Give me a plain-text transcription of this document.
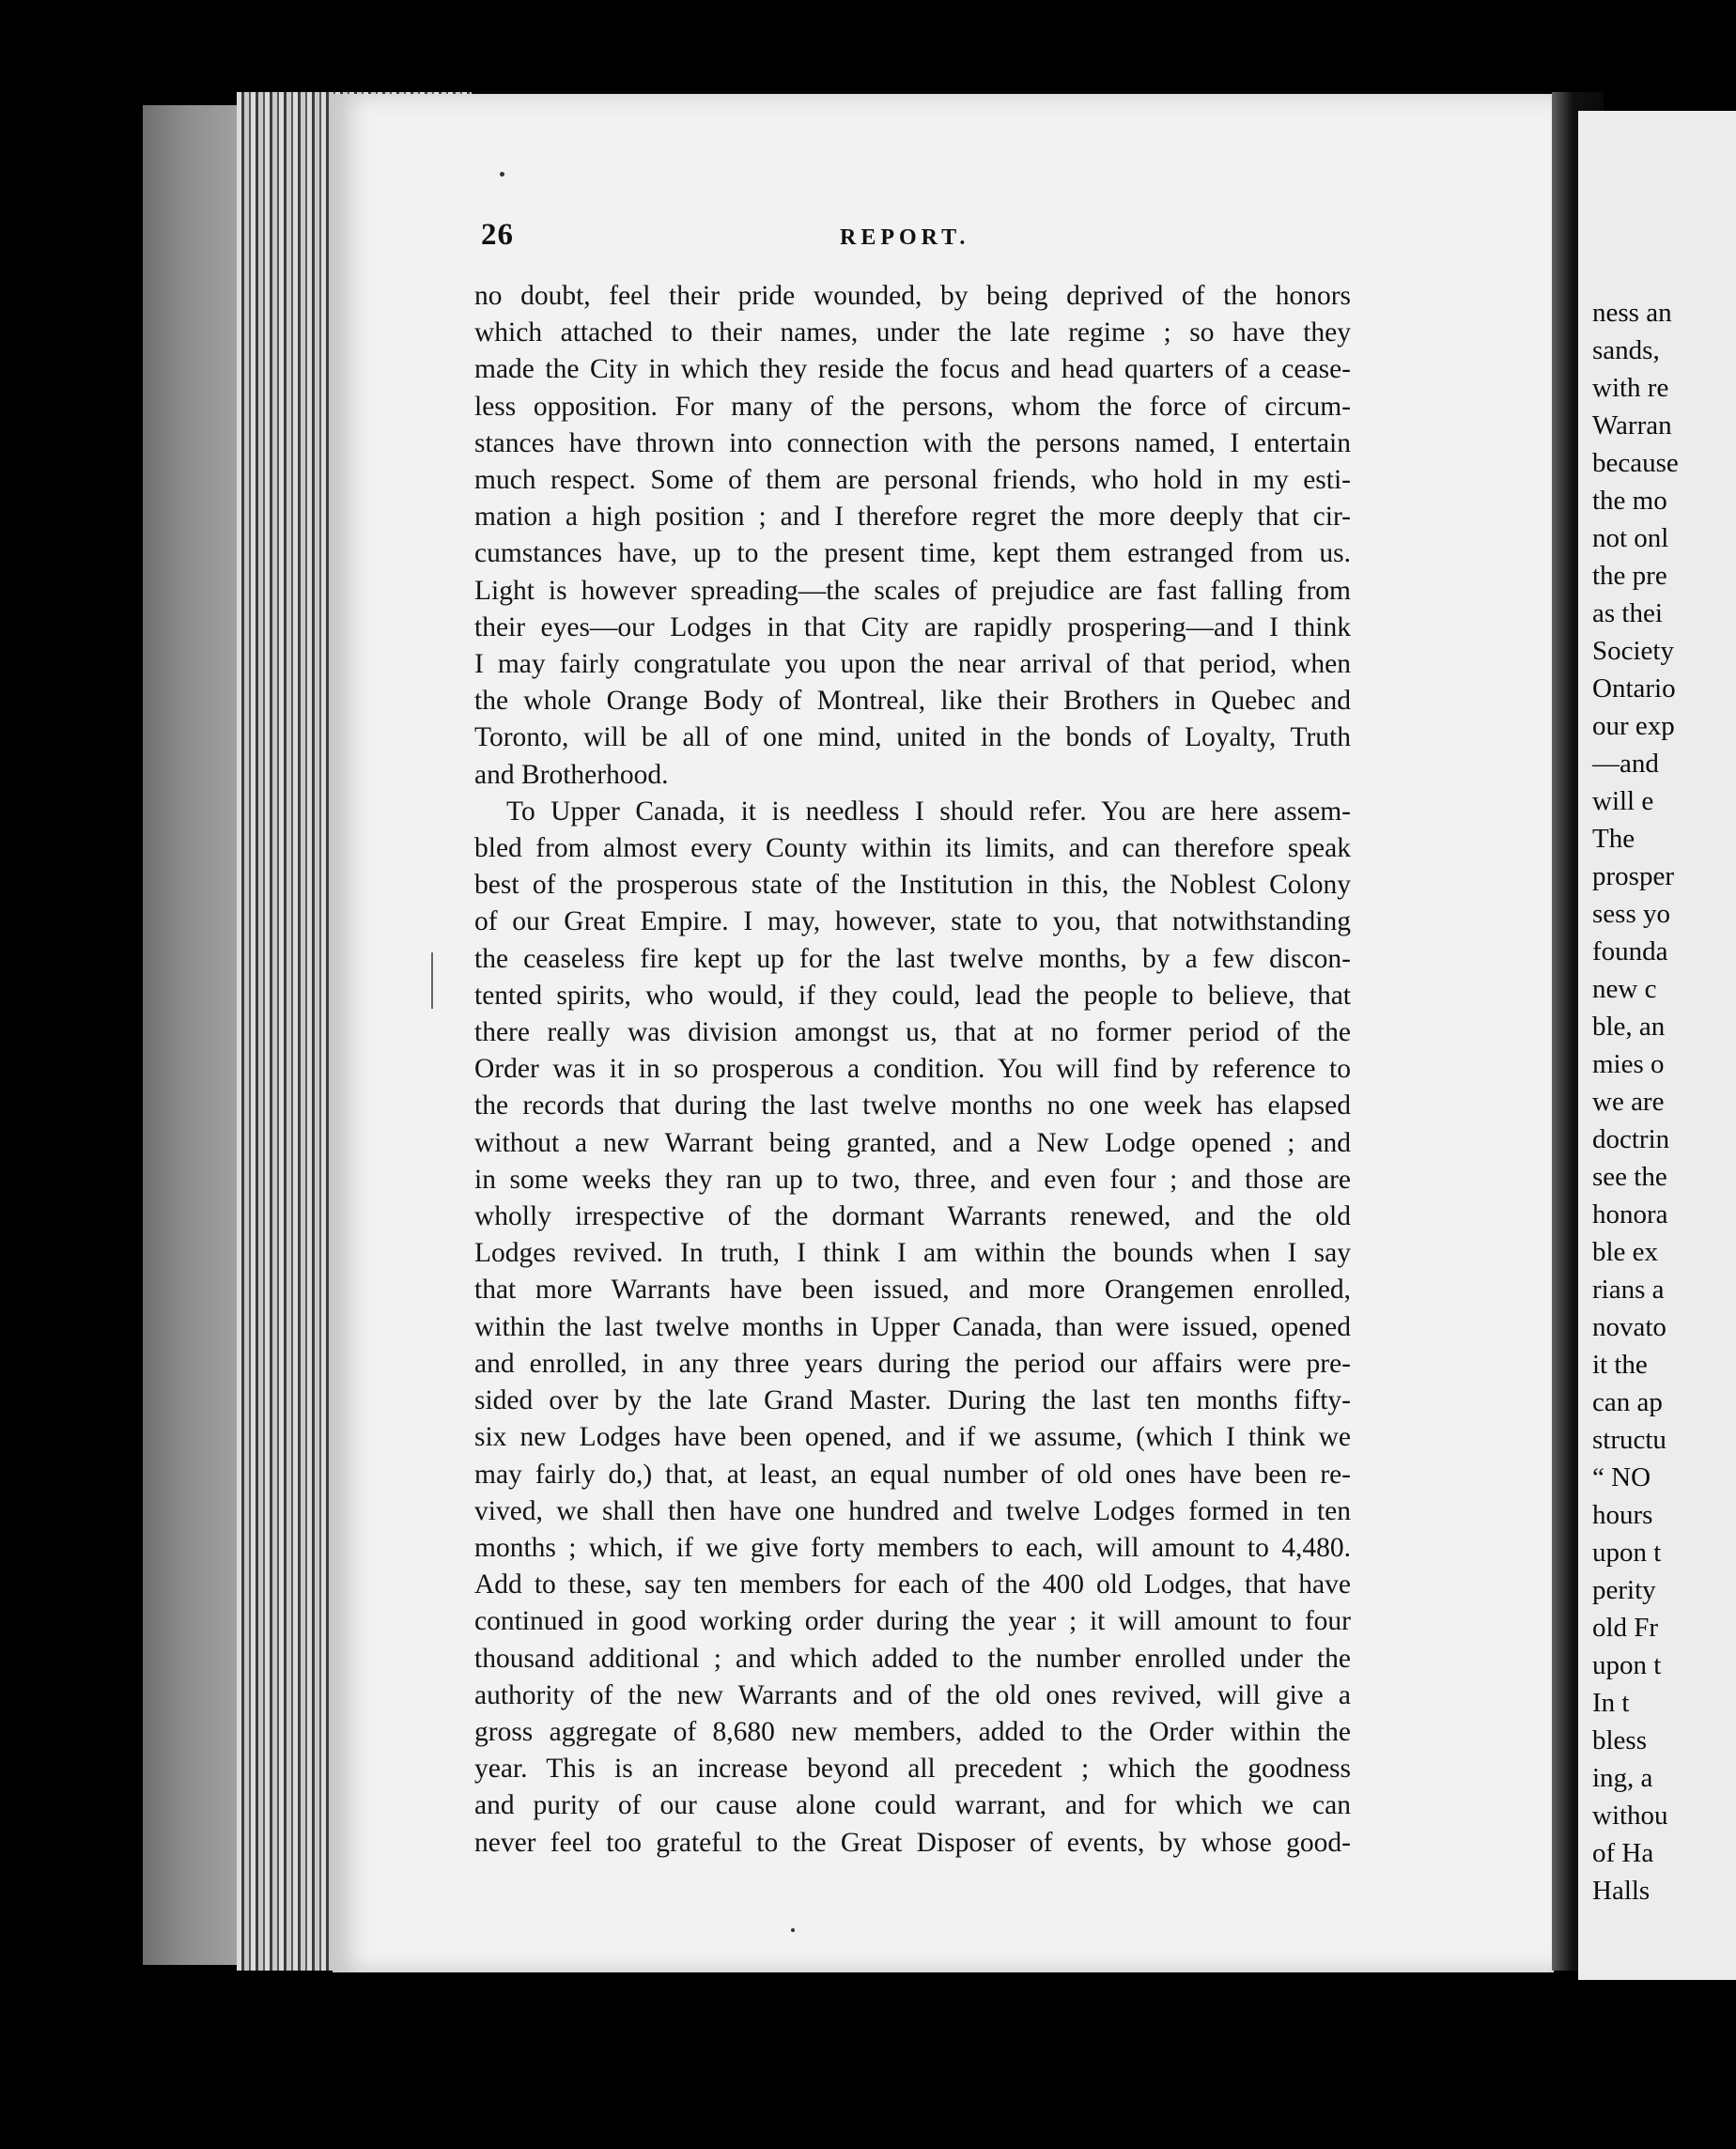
ness an
sands,
with re
Warran
because
the mo
not onl
the pre
as thei
Society
Ontario
our exp
—and
will e
The
prosper
sess yo
founda
new c
ble, an
mies o
we are
doctrin
see the
honora
ble ex
rians a
novato
it the
can ap
structu
“ NO
hours
upon t
perity
old Fr
upon t
In t
bless
ing, a
withou
of Ha
Halls
26	REPORT.
no doubt, feel their pride wounded, by being deprived of the honors
which attached to their names, under the late regime ; so have they
made the City in which they reside the focus and head quarters of a cease-
less opposition. For many of the persons, whom the force of circum-
stances have thrown into connection with the persons named, I entertain
much respect. Some of them are personal friends, who hold in my esti-
mation a high position ; and I therefore regret the more deeply that cir-
cumstances have, up to the present time, kept them estranged from us.
Light is however spreading—the scales of prejudice are fast falling from
their eyes—our Lodges in that City are rapidly prospering—and I think
I may fairly congratulate you upon the near arrival of that period, when
the whole Orange Body of Montreal, like their Brothers in Quebec and
Toronto, will be all of one mind, united in the bonds of Loyalty, Truth
and Brotherhood.
To Upper Canada, it is needless I should refer. You are here assem-
bled from almost every County within its limits, and can therefore speak
best of the prosperous state of the Institution in this, the Noblest Colony
of our Great Empire. I may, however, state to you, that notwithstanding
the ceaseless fire kept up for the last twelve months, by a few discon-
tented spirits, who would, if they could, lead the people to believe, that
there really was division amongst us, that at no former period of the
Order was it in so prosperous a condition. You will find by reference to
the records that during the last twelve months no one week has elapsed
without a new Warrant being granted, and a New Lodge opened ; and
in some weeks they ran up to two, three, and even four ; and those are
wholly irrespective of the dormant Warrants renewed, and the old
Lodges revived. In truth, I think I am within the bounds when I say
that more Warrants have been issued, and more Orangemen enrolled,
within the last twelve months in Upper Canada, than were issued, opened
and enrolled, in any three years during the period our affairs were pre-
sided over by the late Grand Master. During the last ten months fifty-
six new Lodges have been opened, and if we assume, (which I think we
may fairly do,) that, at least, an equal number of old ones have been re-
vived, we shall then have one hundred and twelve Lodges formed in ten
months ; which, if we give forty members to each, will amount to 4,480.
Add to these, say ten members for each of the 400 old Lodges, that have
continued in good working order during the year ; it will amount to four
thousand additional ; and which added to the number enrolled under the
authority of the new Warrants and of the old ones revived, will give a
gross aggregate of 8,680 new members, added to the Order within the
year. This is an increase beyond all precedent ; which the goodness
and purity of our cause alone could warrant, and for which we can
never feel too grateful to the Great Disposer of events, by whose good-
